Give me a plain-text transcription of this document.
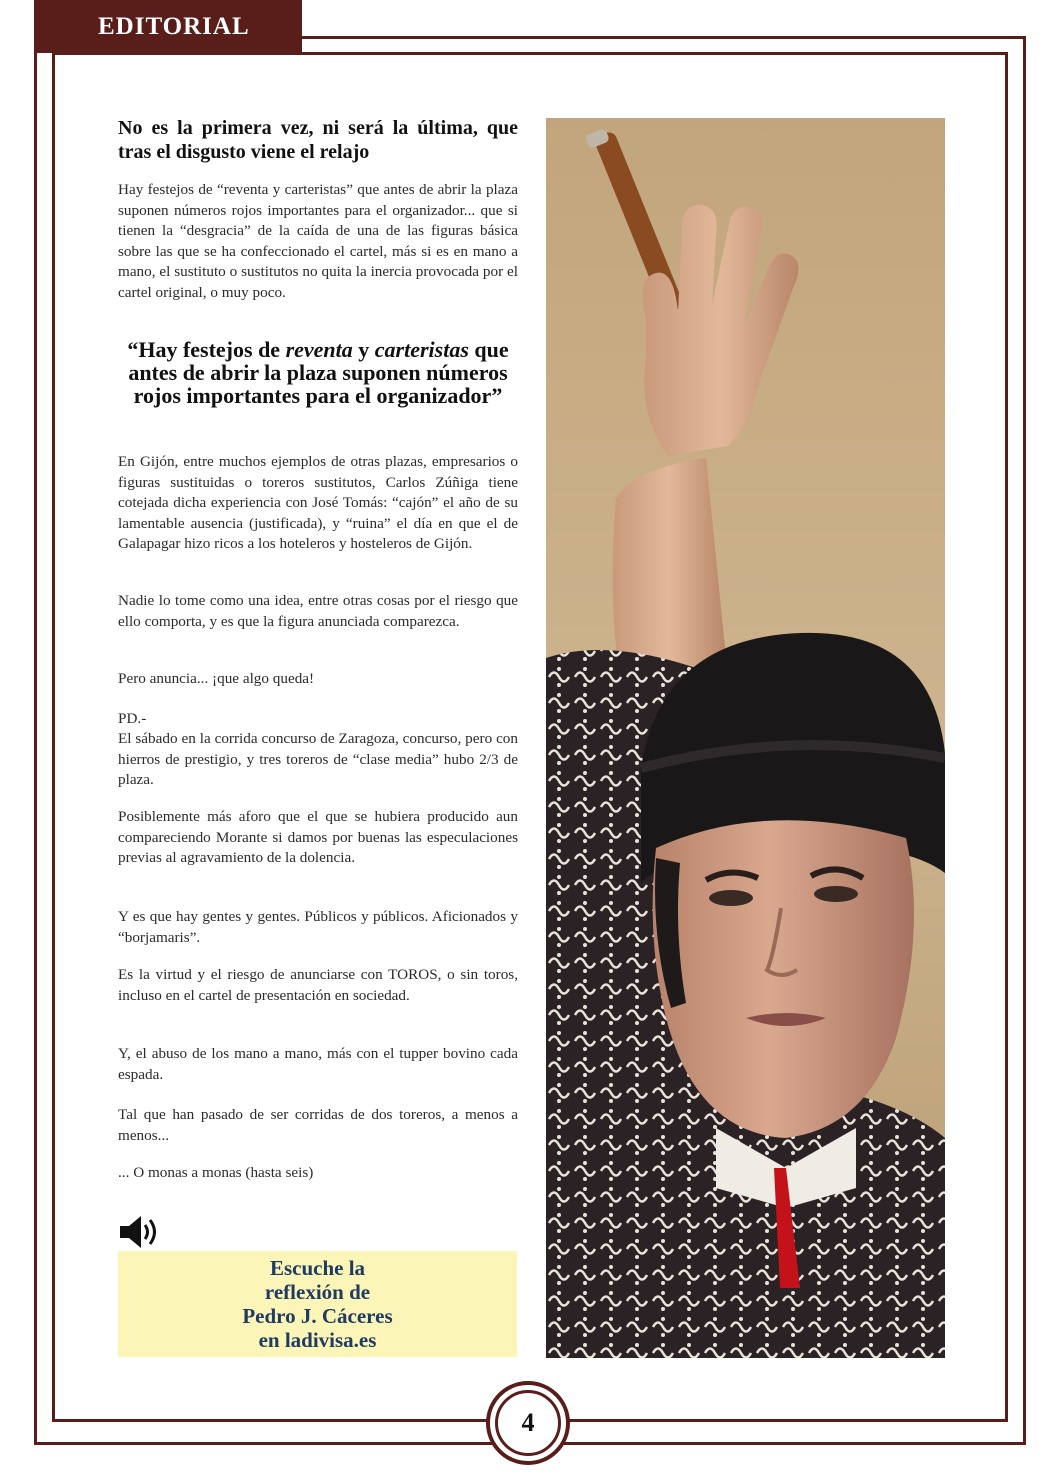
EDITORIAL
No es la primera vez, ni será la última, que tras el disgusto viene el relajo

Hay festejos de “reventa y carteristas” que antes de abrir la plaza suponen números rojos importantes para el organizador... que si tienen la “desgracia” de la caída de una de las figuras básica sobre las que se ha confeccionado el cartel, más si es en mano a mano, el sustituto o sustitutos no quita la inercia provocada por el cartel original, o muy poco.

“Hay festejos de reventa y carteristas que antes de abrir la plaza suponen números rojos importantes para el organizador”

En Gijón, entre muchos ejemplos de otras plazas, empresarios o figuras sustituidas o toreros sustitutos, Carlos Zúñiga tiene cotejada dicha experiencia con José Tomás: “cajón” el año de su lamentable ausencia (justificada), y “ruina” el día en que el de Galapagar hizo ricos a los hoteleros y hosteleros de Gijón.

Nadie lo tome como una idea, entre otras cosas por el riesgo que ello comporta, y es que la figura anunciada comparezca.

Pero anuncia... ¡que algo queda!

PD.-

El sábado en la corrida concurso de Zaragoza, concurso, pero con hierros de prestigio, y tres toreros de “clase media” hubo 2/3 de plaza.

Posiblemente más aforo que el que se hubiera producido aun compareciendo Morante si damos por buenas las especulaciones previas al agravamiento de la dolencia.

Y es que hay gentes y gentes. Públicos y públicos. Aficionados y “borjamaris”.

Es la virtud y el riesgo de anunciarse con TOROS, o sin toros, incluso en el cartel de presentación en sociedad.

Y, el abuso de los mano a mano, más con el tupper bovino cada espada.

Tal que han pasado de ser corridas de dos toreros, a menos a menos...

... O monas a monas (hasta seis)

Escuche la
reflexión de
Pedro J. Cáceres
en ladivisa.es
4
